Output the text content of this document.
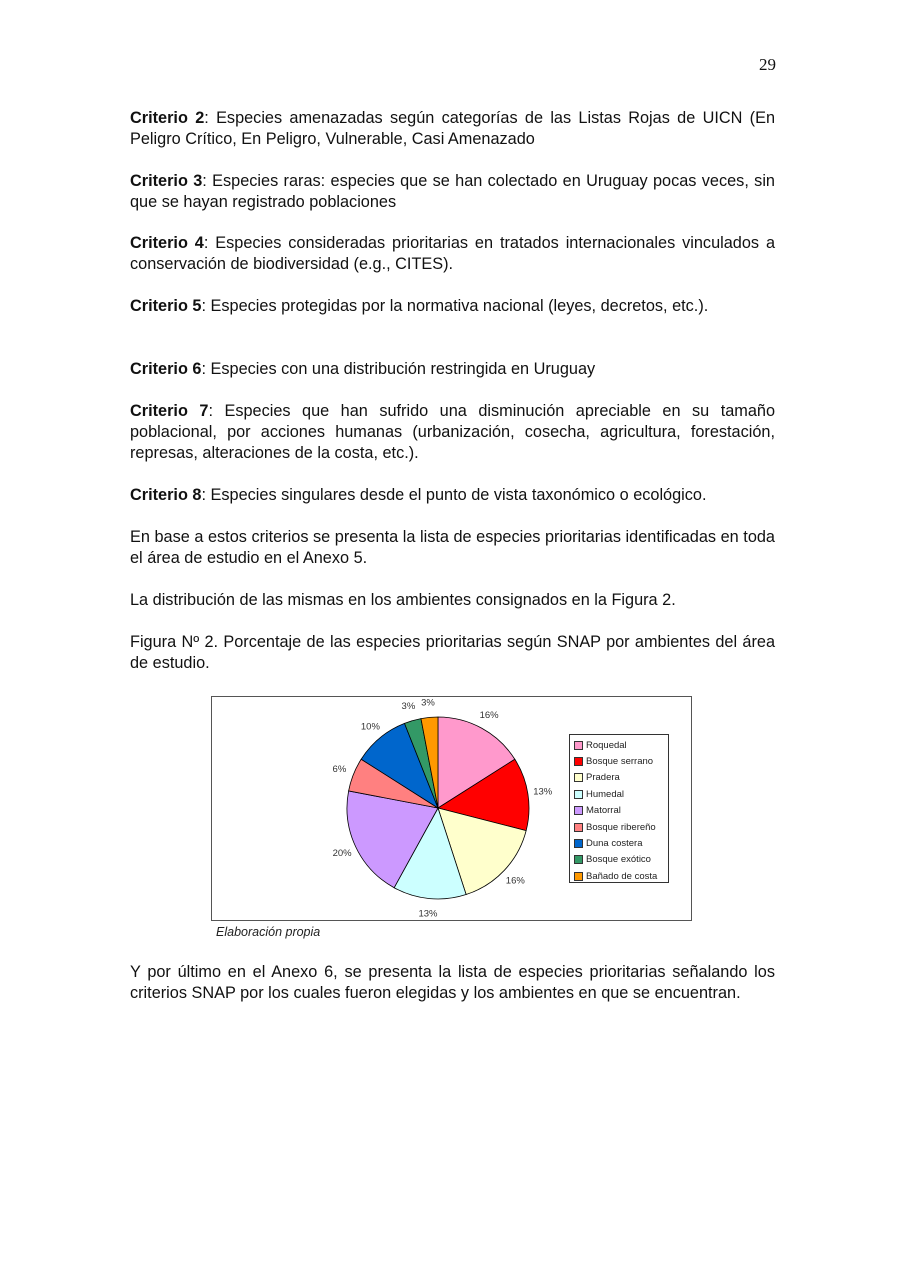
29

Criterio 2: Especies amenazadas según categorías de las Listas Rojas de UICN (En Peligro Crítico, En Peligro, Vulnerable, Casi Amenazado

Criterio 3: Especies raras: especies que se han colectado en Uruguay pocas veces, sin que se hayan registrado poblaciones

Criterio 4: Especies consideradas prioritarias en tratados internacionales vinculados a conservación de biodiversidad (e.g., CITES).

Criterio 5: Especies protegidas por la normativa nacional (leyes, decretos, etc.).

Criterio 6: Especies con una distribución restringida en Uruguay

Criterio 7: Especies que han sufrido una disminución apreciable en su tamaño poblacional, por acciones humanas (urbanización, cosecha, agricultura, forestación, represas, alteraciones de la costa, etc.).

Criterio 8: Especies singulares desde el punto de vista taxonómico o ecológico.

En base a estos criterios se presenta la lista de especies prioritarias identificadas en toda el área de estudio en el Anexo 5.

La distribución de las mismas en los ambientes consignados en la Figura 2.

Figura Nº 2. Porcentaje de las especies prioritarias según SNAP por ambientes del área de estudio.

16%
13%
16%
13%
20%
6%
10%
3% 3%
Roquedal
Bosque serrano
Pradera
Humedal
Matorral
Bosque ribereño
Duna costera
Bosque exótico
Bañado de costa
Elaboración propia

Y por último en el Anexo 6, se presenta la lista de especies prioritarias señalando los criterios SNAP por los cuales fueron elegidas y los ambientes en que se encuentran.
